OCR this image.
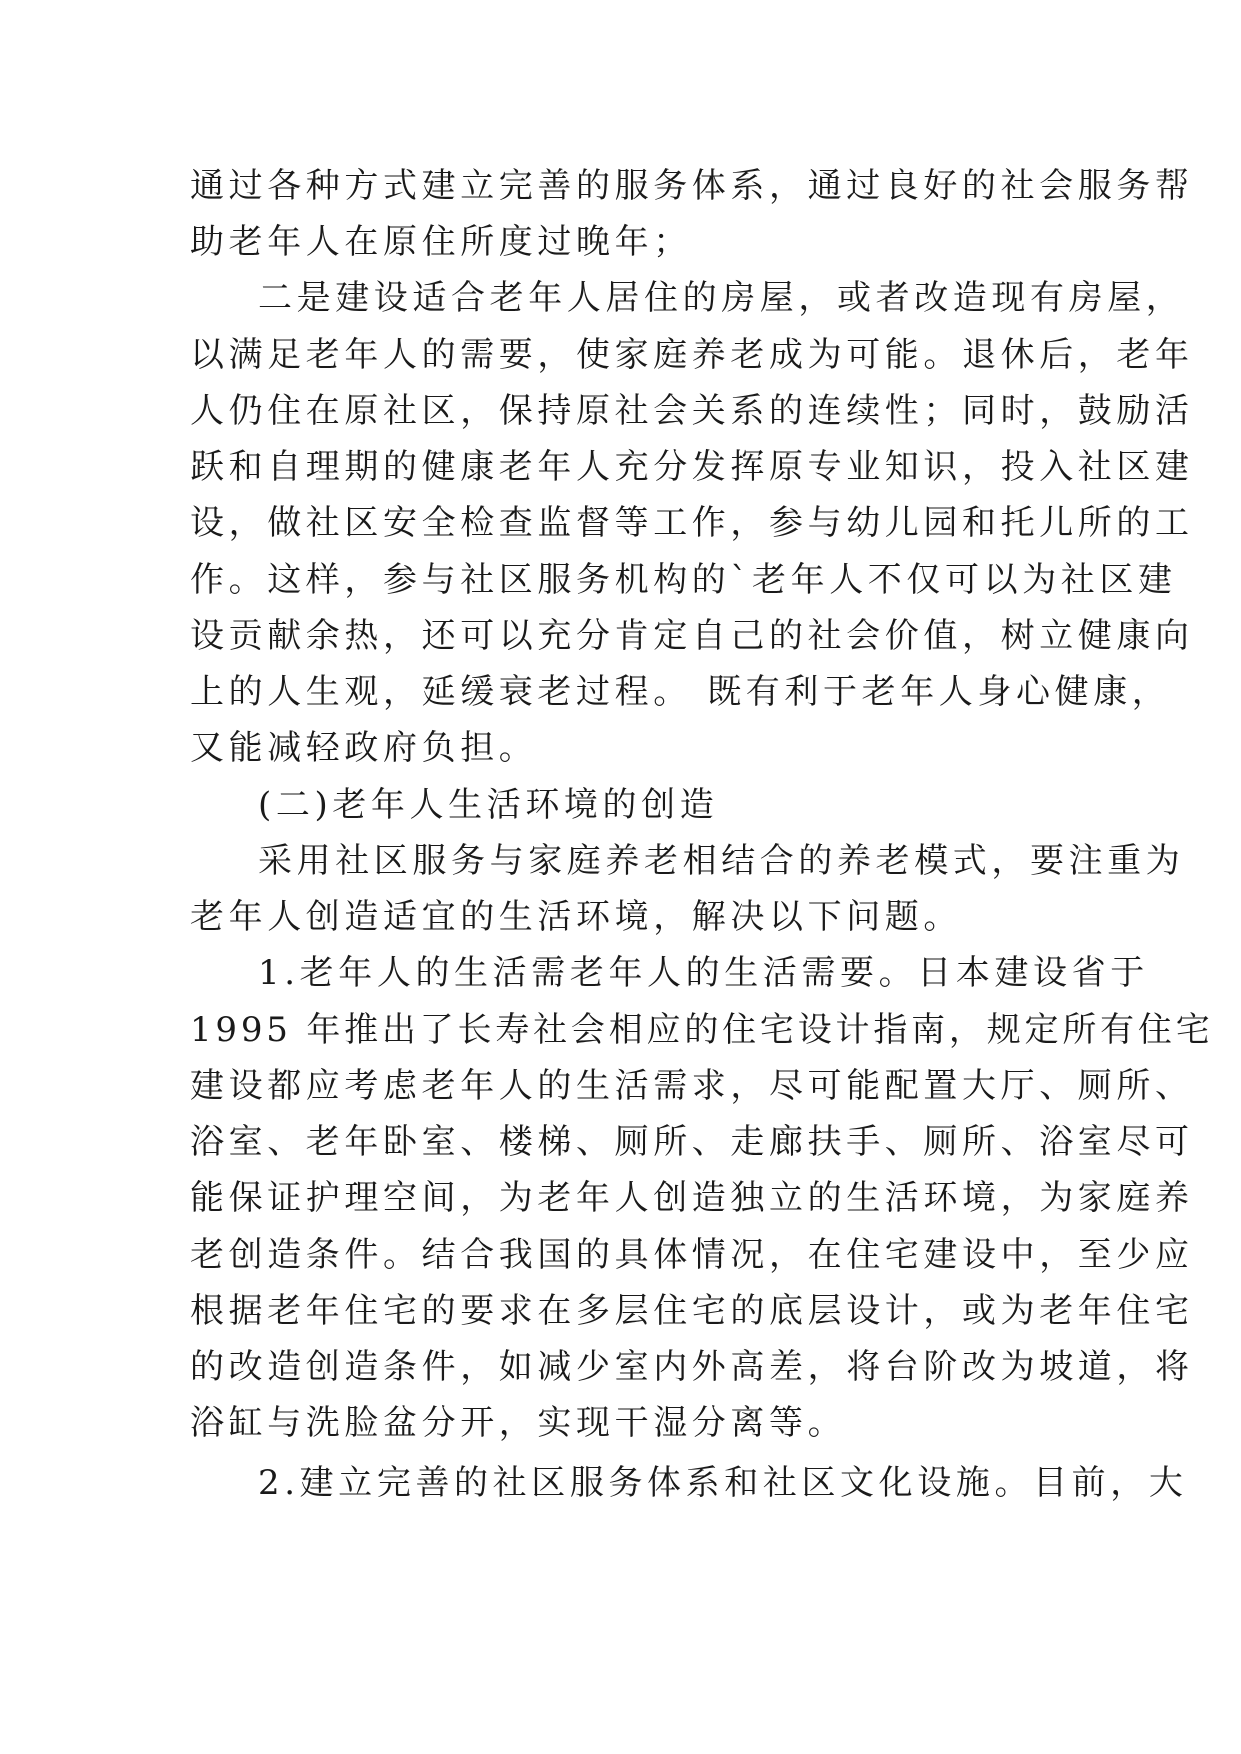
通过各种方式建立完善的服务体系，通过良好的社会服务帮
助老年人在原住所度过晚年；
二是建设适合老年人居住的房屋，或者改造现有房屋，
以满足老年人的需要，使家庭养老成为可能。退休后，老年
人仍住在原社区，保持原社会关系的连续性；同时，鼓励活
跃和自理期的健康老年人充分发挥原专业知识，投入社区建
设，做社区安全检查监督等工作，参与幼儿园和托儿所的工
作。这样，参与社区服务机构的`老年人不仅可以为社区建
设贡献余热，还可以充分肯定自己的社会价值，树立健康向
上的人生观，延缓衰老过程。 既有利于老年人身心健康，
又能减轻政府负担。
(二)老年人生活环境的创造
采用社区服务与家庭养老相结合的养老模式，要注重为
老年人创造适宜的生活环境，解决以下问题。
1.老年人的生活需老年人的生活需要。日本建设省于
1995 年推出了长寿社会相应的住宅设计指南，规定所有住宅
建设都应考虑老年人的生活需求，尽可能配置大厅、厕所、
浴室、老年卧室、楼梯、厕所、走廊扶手、厕所、浴室尽可
能保证护理空间，为老年人创造独立的生活环境，为家庭养
老创造条件。结合我国的具体情况，在住宅建设中，至少应
根据老年住宅的要求在多层住宅的底层设计，或为老年住宅
的改造创造条件，如减少室内外高差，将台阶改为坡道，将
浴缸与洗脸盆分开，实现干湿分离等。
2.建立完善的社区服务体系和社区文化设施。目前，大
